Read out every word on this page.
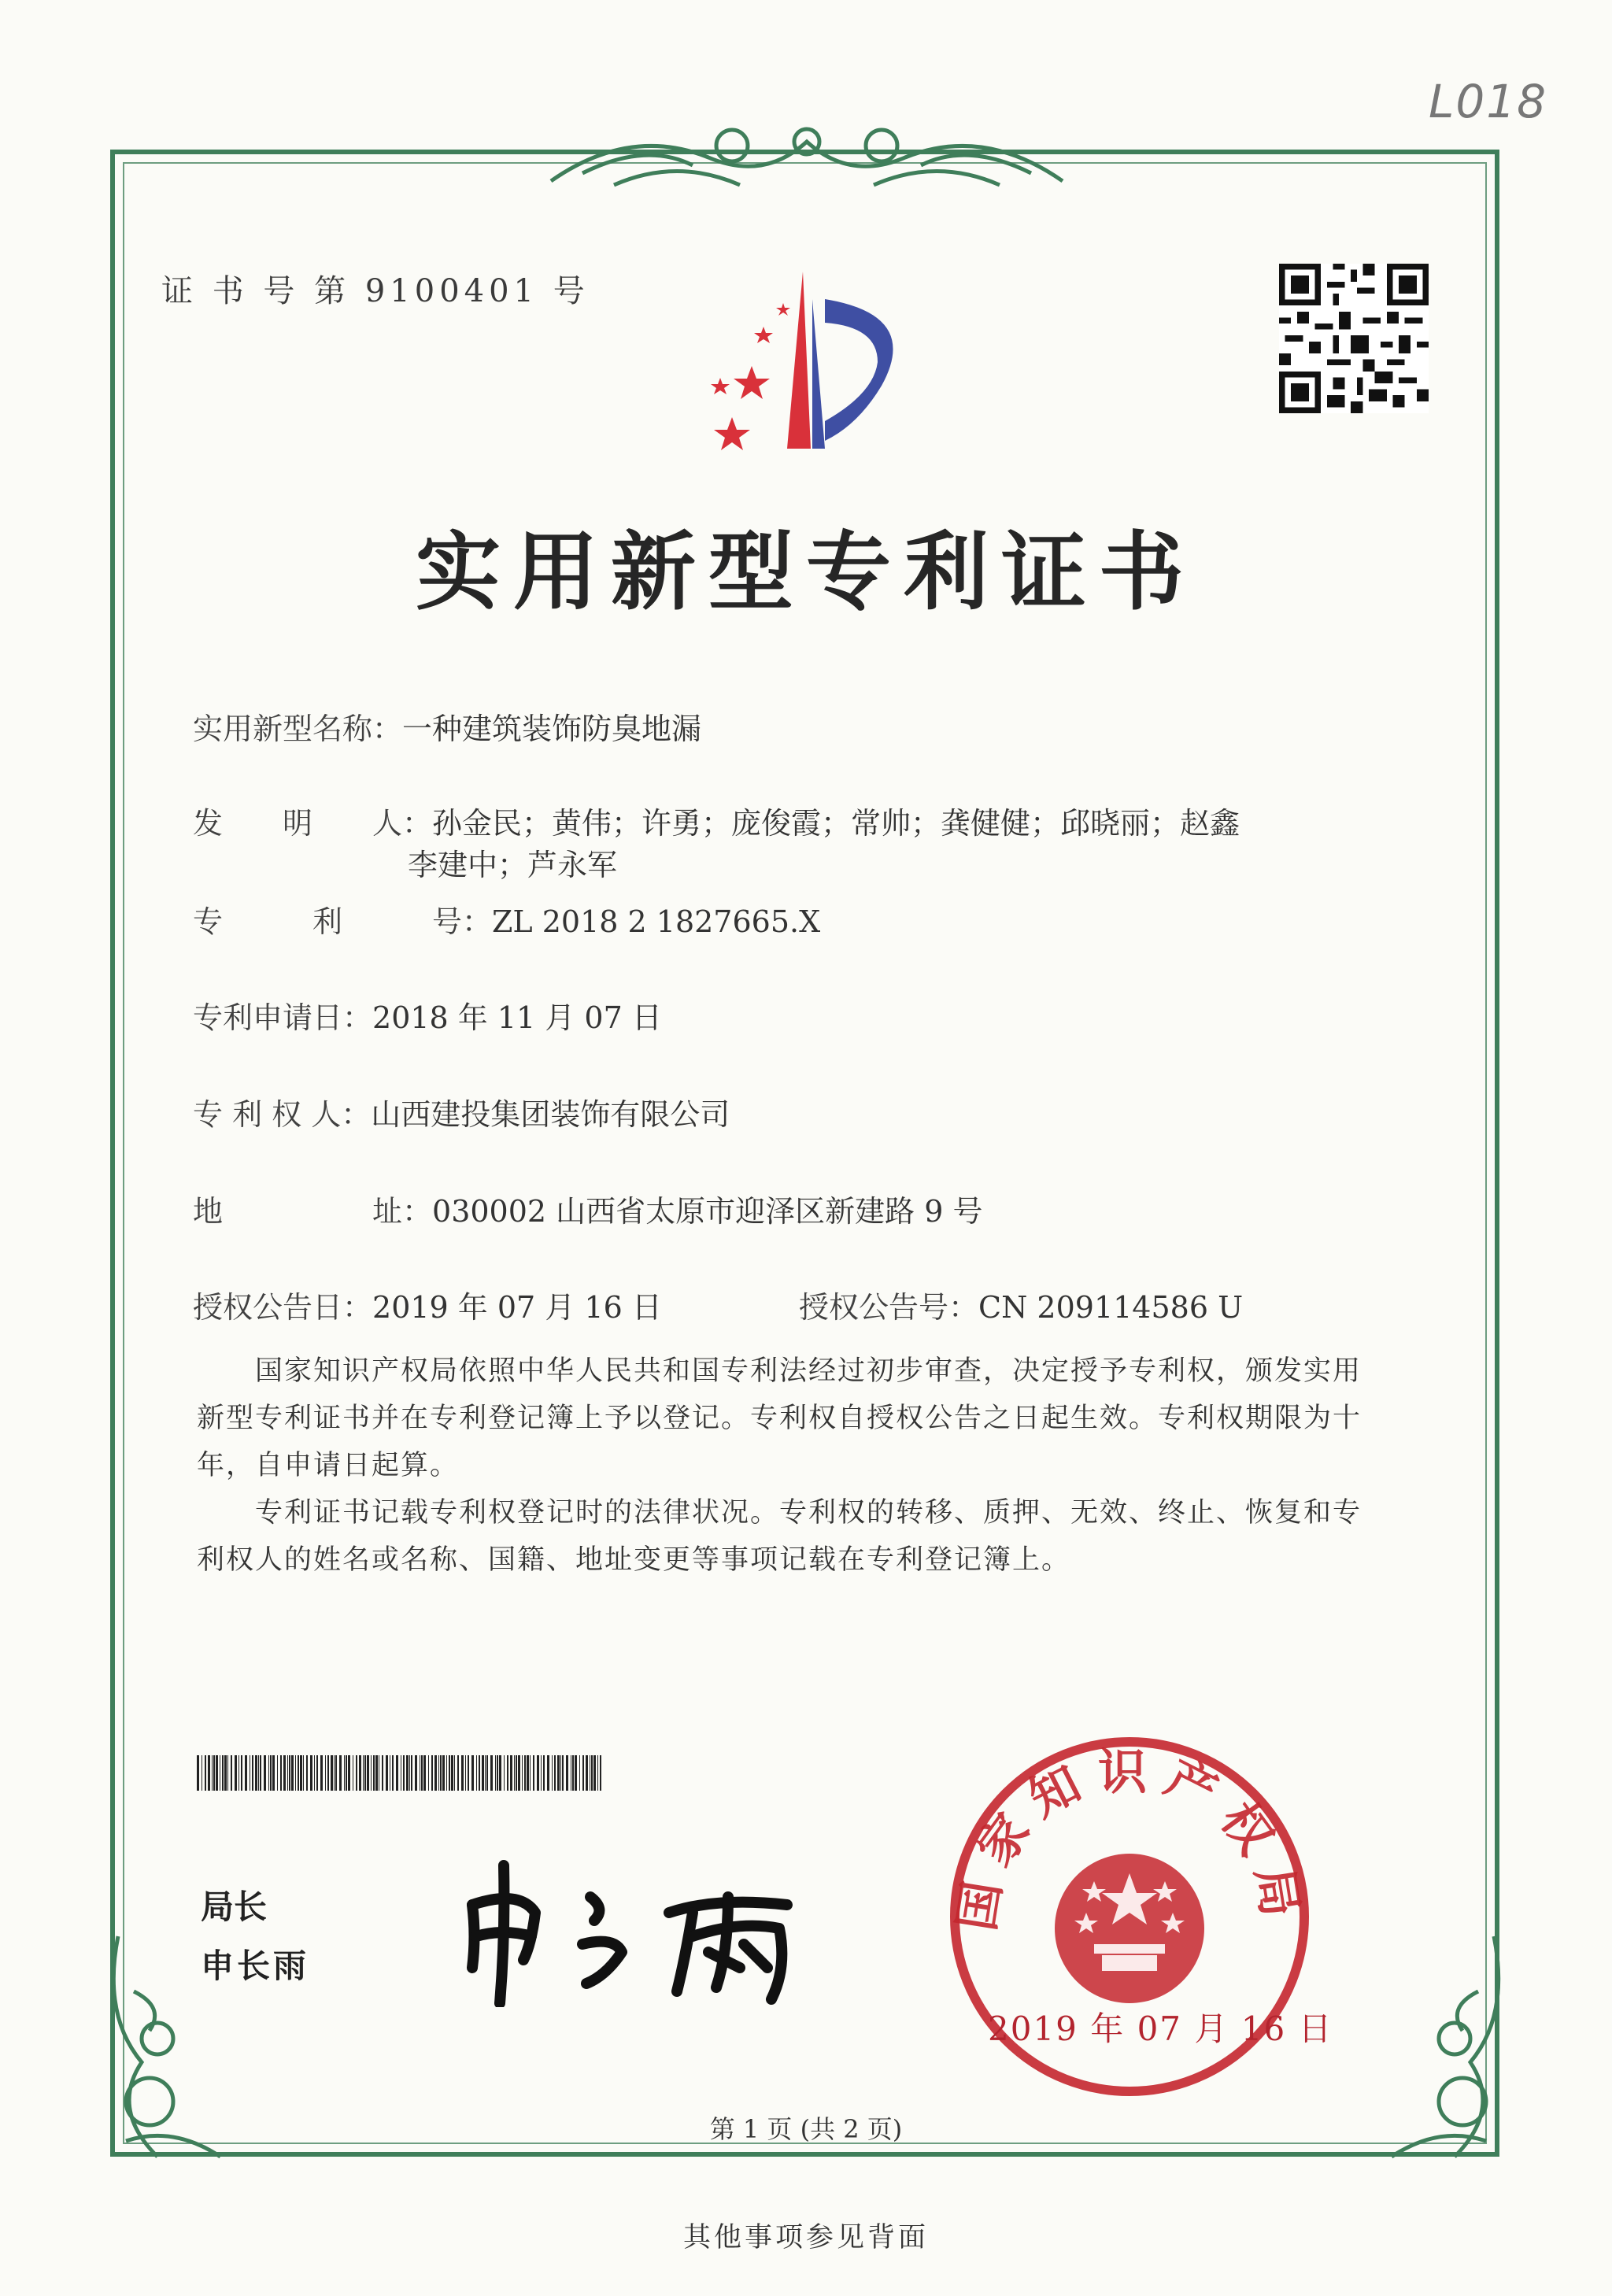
L018
证 书 号 第 9100401 号
实用新型专利证书
实用新型名称：一种建筑装饰防臭地漏
发　　明　　人：孙金民；黄伟；许勇；庞俊霞；常帅；龚健健；邱晓丽；赵鑫
李建中；芦永军
专　　　利　　　号：ZL 2018 2 1827665.X
专利申请日：2018 年 11 月 07 日
专 利 权 人：山西建投集团装饰有限公司
地　　　　　址：030002 山西省太原市迎泽区新建路 9 号
授权公告日：2019 年 07 月 16 日	授权公告号：CN 209114586 U
　　国家知识产权局依照中华人民共和国专利法经过初步审查，决定授予专利权，颁发实用
新型专利证书并在专利登记簿上予以登记。专利权自授权公告之日起生效。专利权期限为十
年，自申请日起算。
　　专利证书记载专利权登记时的法律状况。专利权的转移、质押、无效、终止、恢复和专
利权人的姓名或名称、国籍、地址变更等事项记载在专利登记簿上。
局长
申长雨
国家知识产权局
2019 年 07 月 16 日
第 1 页 (共 2 页)
其他事项参见背面
